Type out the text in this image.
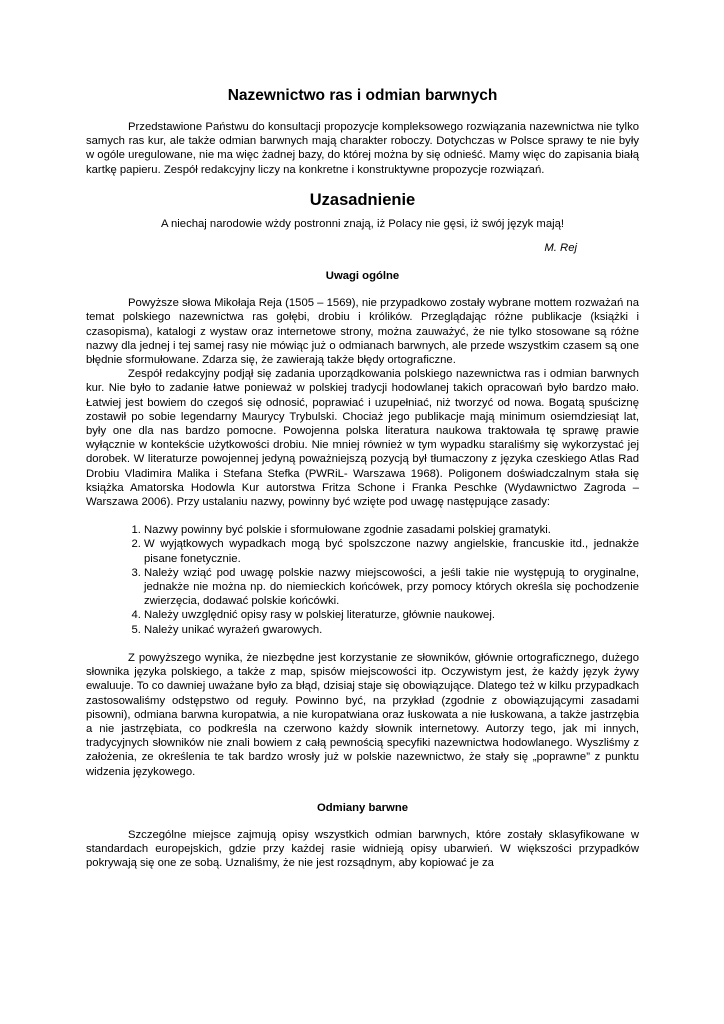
Nazewnictwo ras i odmian barwnych

Przedstawione Państwu do konsultacji propozycje kompleksowego rozwiązania nazewnictwa nie tylko samych ras kur, ale także odmian barwnych mają charakter roboczy. Dotychczas w Polsce sprawy te nie były w ogóle uregulowane, nie ma więc żadnej bazy, do której można by się odnieść. Mamy więc do zapisania białą kartkę papieru. Zespół redakcyjny liczy na konkretne i konstruktywne propozycje rozwiązań.

Uzasadnienie

A niechaj narodowie wżdy postronni znają, iż Polacy nie gęsi, iż swój język mają!

M. Rej

Uwagi ogólne

Powyższe słowa Mikołaja Reja (1505 – 1569), nie przypadkowo zostały wybrane mottem rozważań na temat polskiego nazewnictwa ras gołębi, drobiu i królików. Przeglądając różne publikacje (książki i czasopisma), katalogi z wystaw oraz internetowe strony, można zauważyć, że nie tylko stosowane są różne nazwy dla jednej i tej samej rasy nie mówiąc już o odmianach barwnych, ale przede wszystkim czasem są one błędnie sformułowane. Zdarza się, że zawierają także błędy ortograficzne.

Zespół redakcyjny podjął się zadania uporządkowania polskiego nazewnictwa ras i odmian barwnych kur. Nie było to zadanie łatwe ponieważ w polskiej tradycji hodowlanej takich opracowań było bardzo mało. Łatwiej jest bowiem do czegoś się odnosić, poprawiać i uzupełniać, niż tworzyć od nowa. Bogatą spuściznę zostawił po sobie legendarny Maurycy Trybulski. Chociaż jego publikacje mają minimum osiemdziesiąt lat, były one dla nas bardzo pomocne. Powojenna polska literatura naukowa traktowała tę sprawę prawie wyłącznie w kontekście użytkowości drobiu. Nie mniej również w tym wypadku staraliśmy się wykorzystać jej dorobek. W literaturze powojennej jedyną poważniejszą pozycją był tłumaczony z języka czeskiego Atlas Rad Drobiu Vladimira Malika i Stefana Stefka (PWRiL- Warszawa 1968). Poligonem doświadczalnym stała się książka Amatorska Hodowla Kur autorstwa Fritza Schone i Franka Peschke (Wydawnictwo Zagroda – Warszawa 2006). Przy ustalaniu nazwy, powinny być wzięte pod uwagę następujące zasady:

1. Nazwy powinny być polskie i sformułowane zgodnie zasadami polskiej gramatyki.
2. W wyjątkowych wypadkach mogą być spolszczone nazwy angielskie, francuskie itd., jednakże pisane fonetycznie.
3. Należy wziąć pod uwagę polskie nazwy miejscowości, a jeśli takie nie występują to oryginalne, jednakże nie można np. do niemieckich końcówek, przy pomocy których określa się pochodzenie zwierzęcia, dodawać polskie końcówki.
4. Należy uwzględnić opisy rasy w polskiej literaturze, głównie naukowej.
5. Należy unikać wyrażeń gwarowych.

Z powyższego wynika, że niezbędne jest korzystanie ze słowników, głównie ortograficznego, dużego słownika języka polskiego, a także z map, spisów miejscowości itp. Oczywistym jest, że każdy język żywy ewaluuje. To co dawniej uważane było za błąd, dzisiaj staje się obowiązujące. Dlatego też w kilku przypadkach zastosowaliśmy odstępstwo od reguły. Powinno być, na przykład (zgodnie z obowiązującymi zasadami pisowni), odmiana barwna kuropatwia, a nie kuropatwiana oraz łuskowata a nie łuskowana, a także jastrzębia a nie jastrzębiata, co podkreśla na czerwono każdy słownik internetowy. Autorzy tego, jak mi innych, tradycyjnych słowników nie znali bowiem z całą pewnością specyfiki nazewnictwa hodowlanego. Wyszliśmy z założenia, ze określenia te tak bardzo wrosły już w polskie nazewnictwo, że stały się „poprawne” z punktu widzenia językowego.

Odmiany barwne

Szczególne miejsce zajmują opisy wszystkich odmian barwnych, które zostały sklasyfikowane w standardach europejskich, gdzie przy każdej rasie widnieją opisy ubarwień. W większości przypadków pokrywają się one ze sobą. Uznaliśmy, że nie jest rozsądnym, aby kopiować je za
